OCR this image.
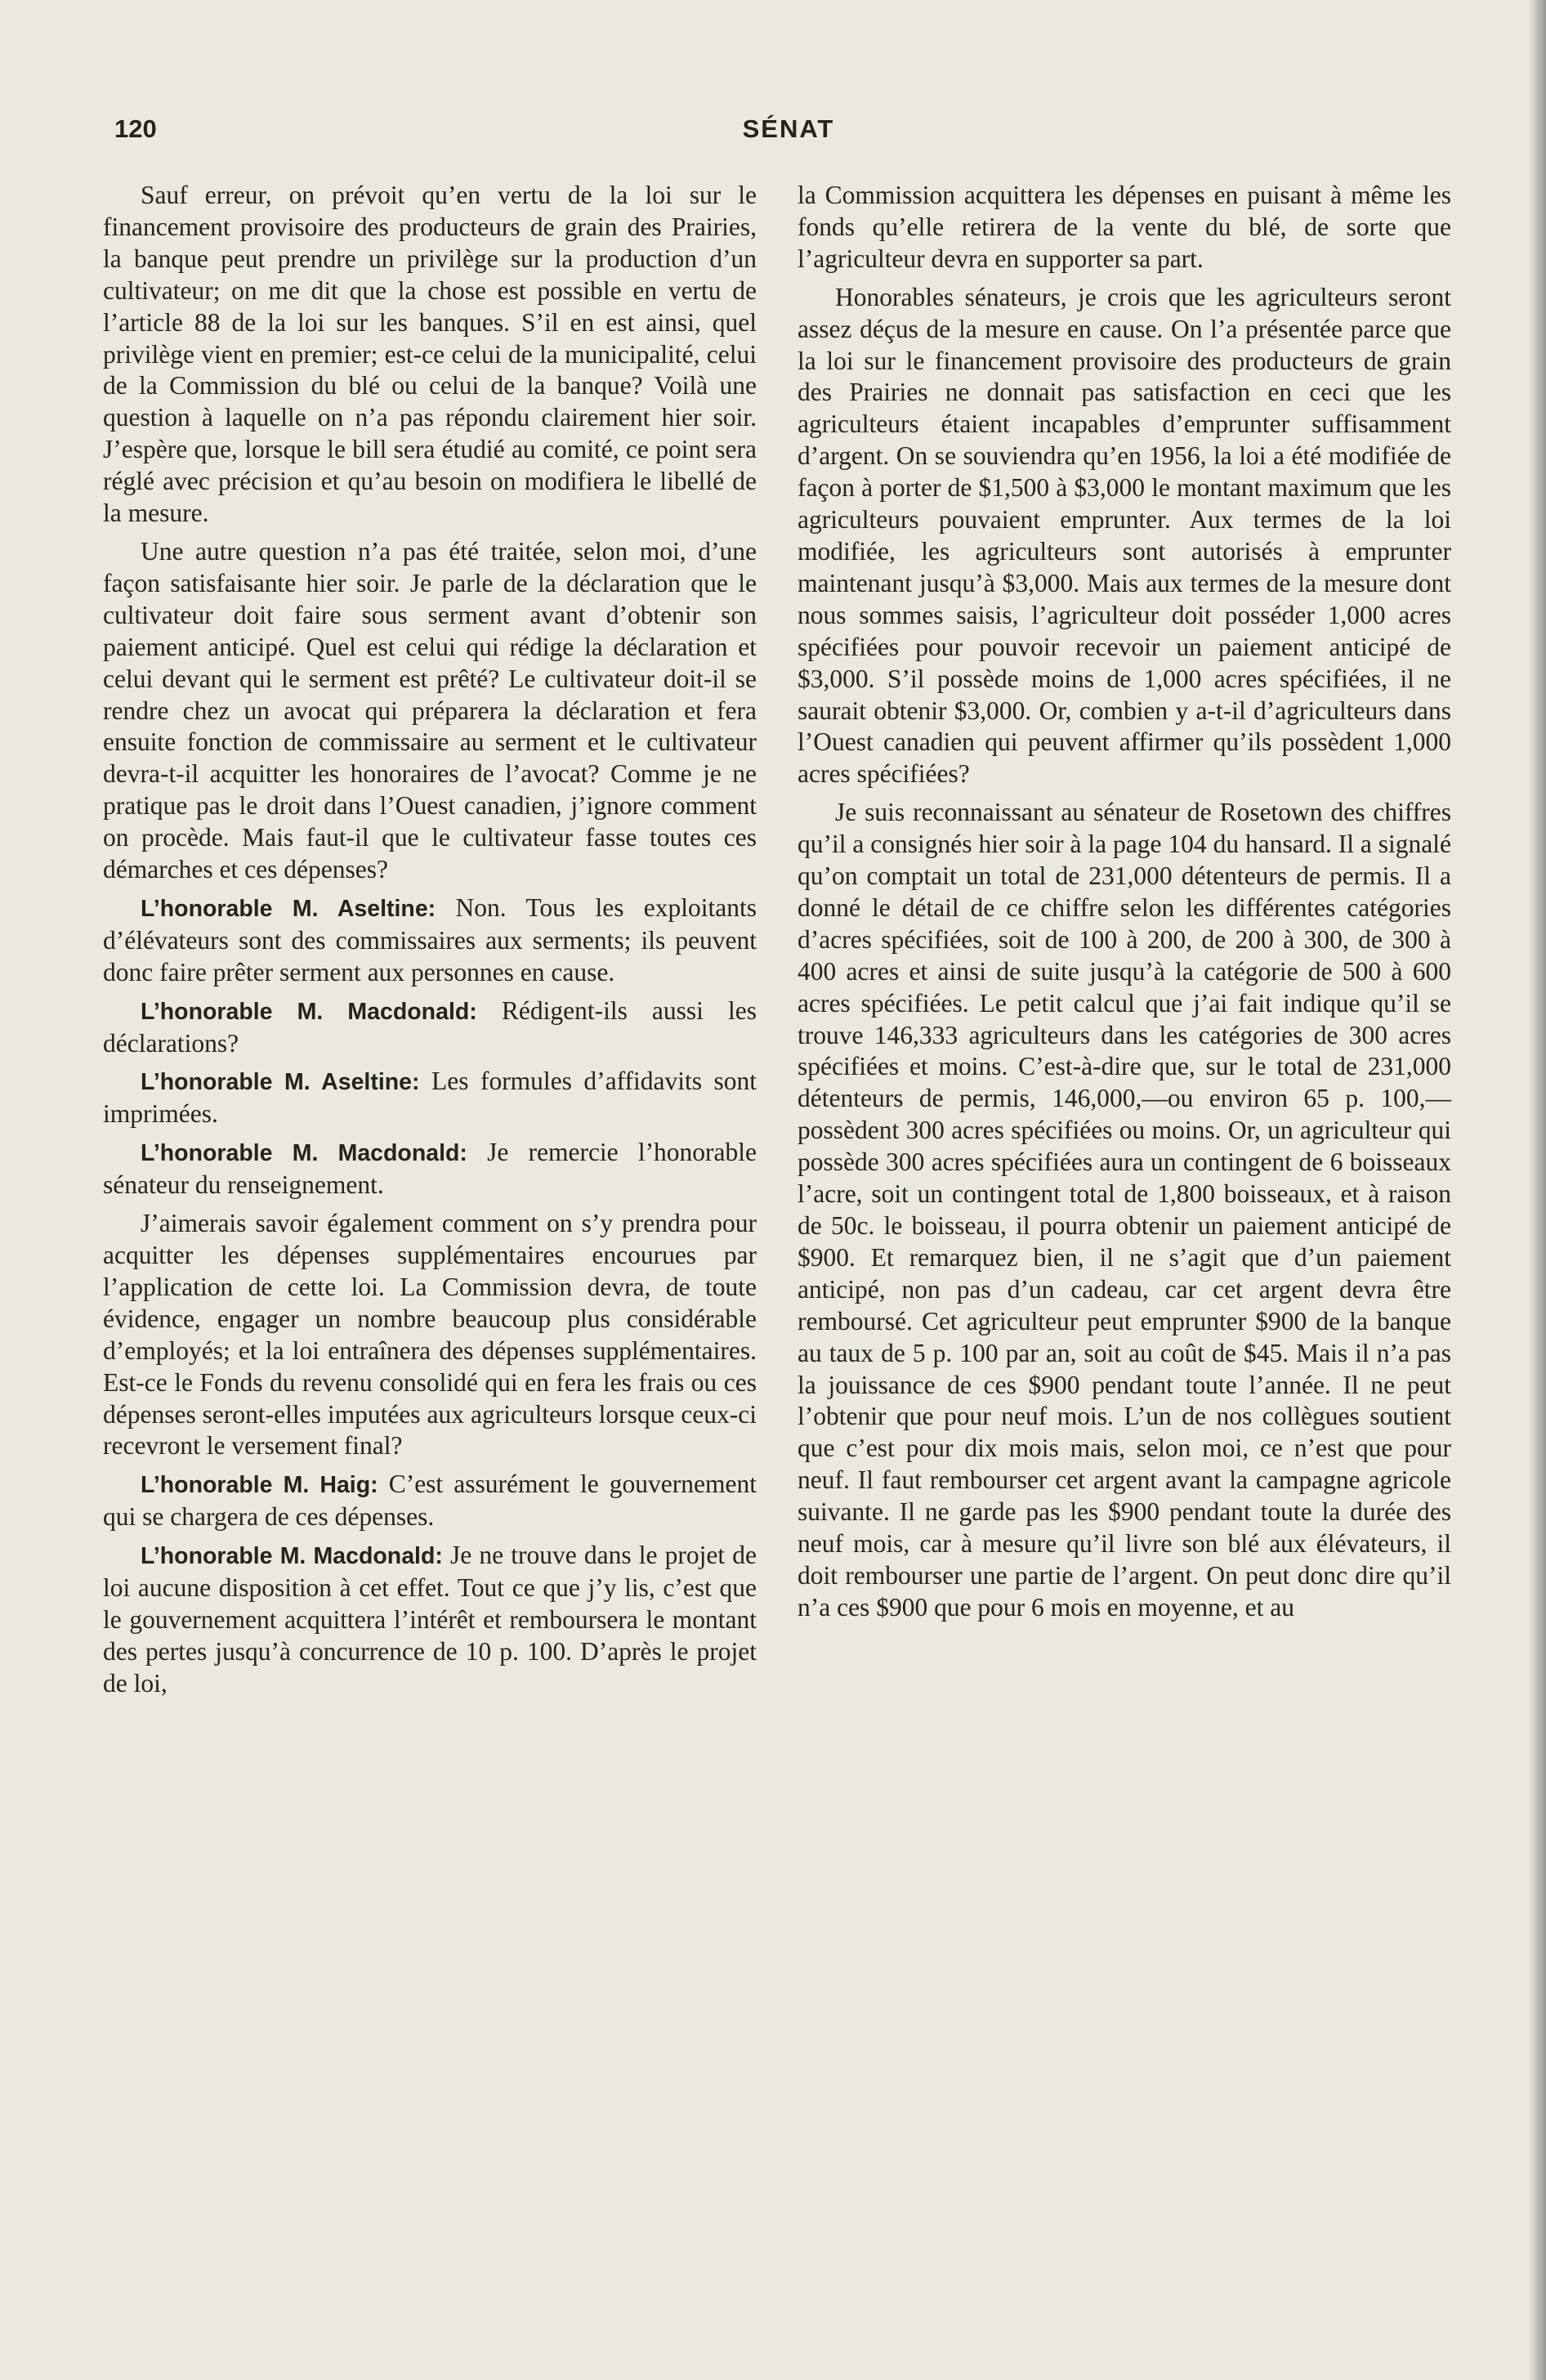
120	SÉNAT

Sauf erreur, on prévoit qu’en vertu de la loi sur le financement provisoire des producteurs de grain des Prairies, la banque peut prendre un privilège sur la production d’un cultivateur; on me dit que la chose est possible en vertu de l’article 88 de la loi sur les banques. S’il en est ainsi, quel privilège vient en premier; est-ce celui de la municipalité, celui de la Commission du blé ou celui de la banque? Voilà une question à laquelle on n’a pas répondu clairement hier soir. J’espère que, lorsque le bill sera étudié au comité, ce point sera réglé avec précision et qu’au besoin on modifiera le libellé de la mesure.

Une autre question n’a pas été traitée, selon moi, d’une façon satisfaisante hier soir. Je parle de la déclaration que le cultivateur doit faire sous serment avant d’obtenir son paiement anticipé. Quel est celui qui rédige la déclaration et celui devant qui le serment est prêté? Le cultivateur doit-il se rendre chez un avocat qui préparera la déclaration et fera ensuite fonction de commissaire au serment et le cultivateur devra-t-il acquitter les honoraires de l’avocat? Comme je ne pratique pas le droit dans l’Ouest canadien, j’ignore comment on procède. Mais faut-il que le cultivateur fasse toutes ces démarches et ces dépenses?

L’honorable M. Aseltine: Non. Tous les exploitants d’élévateurs sont des commissaires aux serments; ils peuvent donc faire prêter serment aux personnes en cause.

L’honorable M. Macdonald: Rédigent-ils aussi les déclarations?

L’honorable M. Aseltine: Les formules d’affidavits sont imprimées.

L’honorable M. Macdonald: Je remercie l’honorable sénateur du renseignement.

J’aimerais savoir également comment on s’y prendra pour acquitter les dépenses supplémentaires encourues par l’application de cette loi. La Commission devra, de toute évidence, engager un nombre beaucoup plus considérable d’employés; et la loi entraînera des dépenses supplémentaires. Est-ce le Fonds du revenu consolidé qui en fera les frais ou ces dépenses seront-elles imputées aux agriculteurs lorsque ceux-ci recevront le versement final?

L’honorable M. Haig: C’est assurément le gouvernement qui se chargera de ces dépenses.

L’honorable M. Macdonald: Je ne trouve dans le projet de loi aucune disposition à cet effet. Tout ce que j’y lis, c’est que le gouvernement acquittera l’intérêt et remboursera le montant des pertes jusqu’à concurrence de 10 p. 100. D’après le projet de loi,

la Commission acquittera les dépenses en puisant à même les fonds qu’elle retirera de la vente du blé, de sorte que l’agriculteur devra en supporter sa part.

Honorables sénateurs, je crois que les agriculteurs seront assez déçus de la mesure en cause. On l’a présentée parce que la loi sur le financement provisoire des producteurs de grain des Prairies ne donnait pas satisfaction en ceci que les agriculteurs étaient incapables d’emprunter suffisamment d’argent. On se souviendra qu’en 1956, la loi a été modifiée de façon à porter de $1,500 à $3,000 le montant maximum que les agriculteurs pouvaient emprunter. Aux termes de la loi modifiée, les agriculteurs sont autorisés à emprunter maintenant jusqu’à $3,000. Mais aux termes de la mesure dont nous sommes saisis, l’agriculteur doit posséder 1,000 acres spécifiées pour pouvoir recevoir un paiement anticipé de $3,000. S’il possède moins de 1,000 acres spécifiées, il ne saurait obtenir $3,000. Or, combien y a-t-il d’agriculteurs dans l’Ouest canadien qui peuvent affirmer qu’ils possèdent 1,000 acres spécifiées?

Je suis reconnaissant au sénateur de Rosetown des chiffres qu’il a consignés hier soir à la page 104 du hansard. Il a signalé qu’on comptait un total de 231,000 détenteurs de permis. Il a donné le détail de ce chiffre selon les différentes catégories d’acres spécifiées, soit de 100 à 200, de 200 à 300, de 300 à 400 acres et ainsi de suite jusqu’à la catégorie de 500 à 600 acres spécifiées. Le petit calcul que j’ai fait indique qu’il se trouve 146,333 agriculteurs dans les catégories de 300 acres spécifiées et moins. C’est-à-dire que, sur le total de 231,000 détenteurs de permis, 146,000,—ou environ 65 p. 100,—possèdent 300 acres spécifiées ou moins. Or, un agriculteur qui possède 300 acres spécifiées aura un contingent de 6 boisseaux l’acre, soit un contingent total de 1,800 boisseaux, et à raison de 50c. le boisseau, il pourra obtenir un paiement anticipé de $900. Et remarquez bien, il ne s’agit que d’un paiement anticipé, non pas d’un cadeau, car cet argent devra être remboursé. Cet agriculteur peut emprunter $900 de la banque au taux de 5 p. 100 par an, soit au coût de $45. Mais il n’a pas la jouissance de ces $900 pendant toute l’année. Il ne peut l’obtenir que pour neuf mois. L’un de nos collègues soutient que c’est pour dix mois mais, selon moi, ce n’est que pour neuf. Il faut rembourser cet argent avant la campagne agricole suivante. Il ne garde pas les $900 pendant toute la durée des neuf mois, car à mesure qu’il livre son blé aux élévateurs, il doit rembourser une partie de l’argent. On peut donc dire qu’il n’a ces $900 que pour 6 mois en moyenne, et au
